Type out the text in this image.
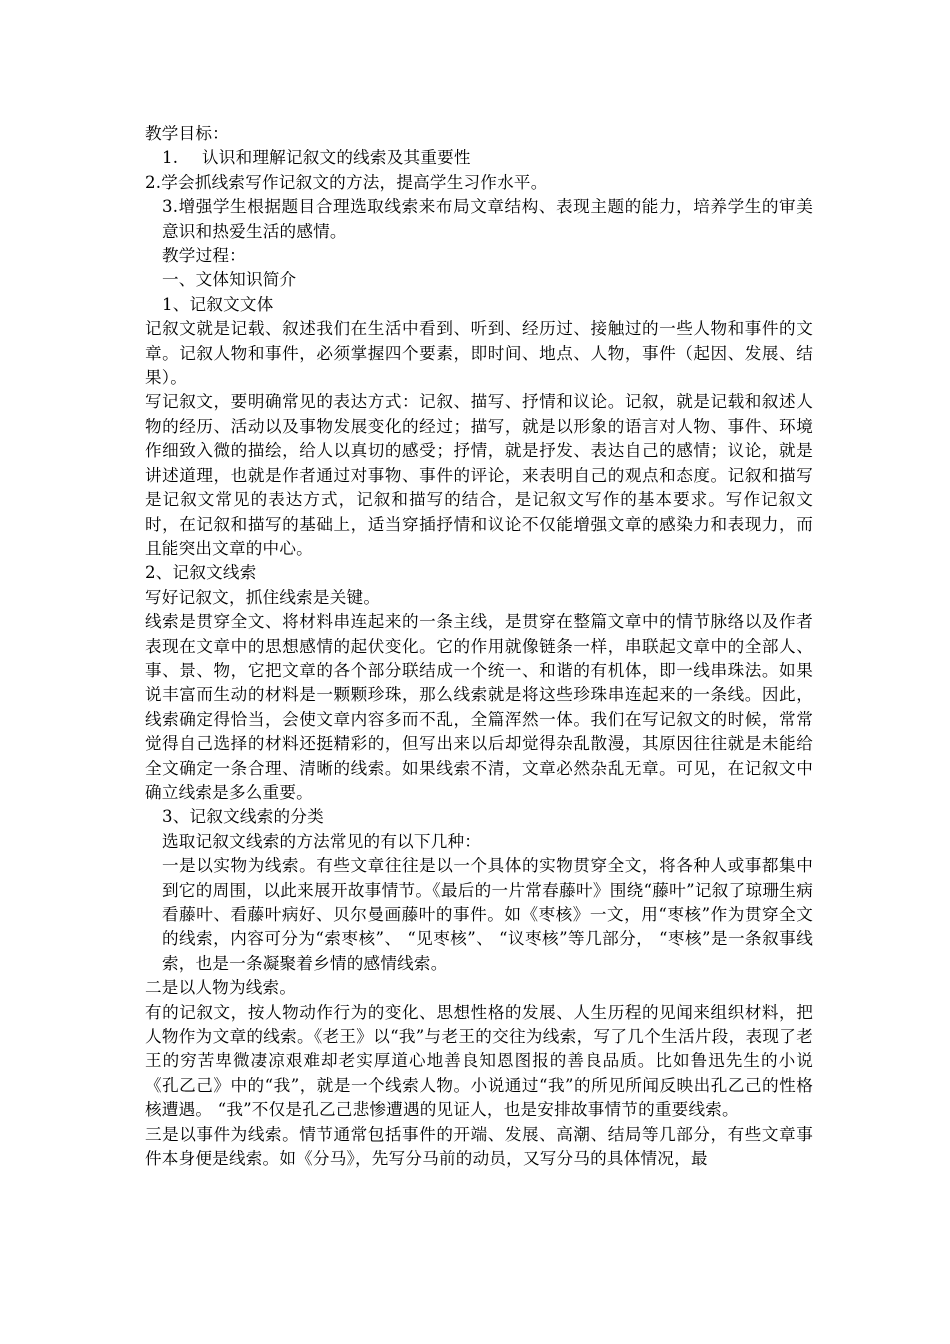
教学目标：

1. 认识和理解记叙文的线索及其重要性

2.学会抓线索写作记叙文的方法，提高学生习作水平。

3.增强学生根据题目合理选取线索来布局文章结构、表现主题的能力，培养学生的审美意识和热爱生活的感情。

教学过程：

一、文体知识简介

1、记叙文文体

记叙文就是记载、叙述我们在生活中看到、听到、经历过、接触过的一些人物和事件的文章。记叙人物和事件，必须掌握四个要素，即时间、地点、人物，事件（起因、发展、结果）。

写记叙文，要明确常见的表达方式：记叙、描写、抒情和议论。记叙，就是记载和叙述人物的经历、活动以及事物发展变化的经过；描写，就是以形象的语言对人物、事件、环境作细致入微的描绘，给人以真切的感受；抒情，就是抒发、表达自己的感情；议论，就是讲述道理，也就是作者通过对事物、事件的评论，来表明自己的观点和态度。记叙和描写是记叙文常见的表达方式，记叙和描写的结合，是记叙文写作的基本要求。写作记叙文时，在记叙和描写的基础上，适当穿插抒情和议论不仅能增强文章的感染力和表现力，而且能突出文章的中心。

2、记叙文线索

写好记叙文，抓住线索是关键。

线索是贯穿全文、将材料串连起来的一条主线，是贯穿在整篇文章中的情节脉络以及作者表现在文章中的思想感情的起伏变化。它的作用就像链条一样，串联起文章中的全部人、事、景、物，它把文章的各个部分联结成一个统一、和谐的有机体，即一线串珠法。如果说丰富而生动的材料是一颗颗珍珠，那么线索就是将这些珍珠串连起来的一条线。因此，线索确定得恰当，会使文章内容多而不乱，全篇浑然一体。我们在写记叙文的时候，常常觉得自己选择的材料还挺精彩的，但写出来以后却觉得杂乱散漫，其原因往往就是未能给全文确定一条合理、清晰的线索。如果线索不清，文章必然杂乱无章。可见，在记叙文中确立线索是多么重要。

3、记叙文线索的分类

选取记叙文线索的方法常见的有以下几种：

一是以实物为线索。有些文章往往是以一个具体的实物贯穿全文，将各种人或事都集中到它的周围，以此来展开故事情节。《最后的一片常春藤叶》围绕“藤叶”记叙了琼珊生病看藤叶、看藤叶病好、贝尔曼画藤叶的事件。如《枣核》一文，用“枣核”作为贯穿全文的线索，内容可分为“索枣核”、 “见枣核”、 “议枣核”等几部分， “枣核”是一条叙事线索，也是一条凝聚着乡情的感情线索。

二是以人物为线索。

有的记叙文，按人物动作行为的变化、思想性格的发展、人生历程的见闻来组织材料，把人物作为文章的线索。《老王》以“我”与老王的交往为线索，写了几个生活片段，表现了老王的穷苦卑微凄凉艰难却老实厚道心地善良知恩图报的善良品质。比如鲁迅先生的小说《孔乙己》中的“我”，就是一个线索人物。小说通过“我”的所见所闻反映出孔乙己的性格核遭遇。 “我”不仅是孔乙己悲惨遭遇的见证人，也是安排故事情节的重要线索。

三是以事件为线索。情节通常包括事件的开端、发展、高潮、结局等几部分，有些文章事件本身便是线索。如《分马》，先写分马前的动员，又写分马的具体情况，最
